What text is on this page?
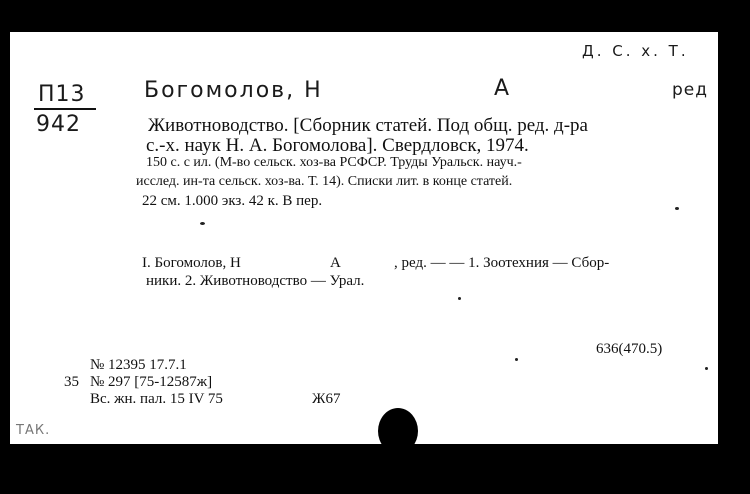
Д. С. х. Т.
П13
942
Богомолов, Н	А	ред
Животноводство. [Сборник статей. Под общ. ред. д-ра
с.-х. наук Н. А. Богомолова]. Свердловск, 1974.
150 с. с ил. (М-во сельск. хоз-ва РСФСР. Труды Уральск. науч.-
исслед. ин-та сельск. хоз-ва. Т. 14). Списки лит. в конце статей.
22 см. 1.000 экз. 42 к. В пер.
I. Богомолов, Н	А	, ред. — — 1. Зоотехния — Сбор-
ники. 2. Животноводство — Урал.
636(470.5)
№ 12395 17.7.1
35 № 297 [75-12587ж]
Вс. жн. пал. 15 IV 75	Ж67
ТАК.
